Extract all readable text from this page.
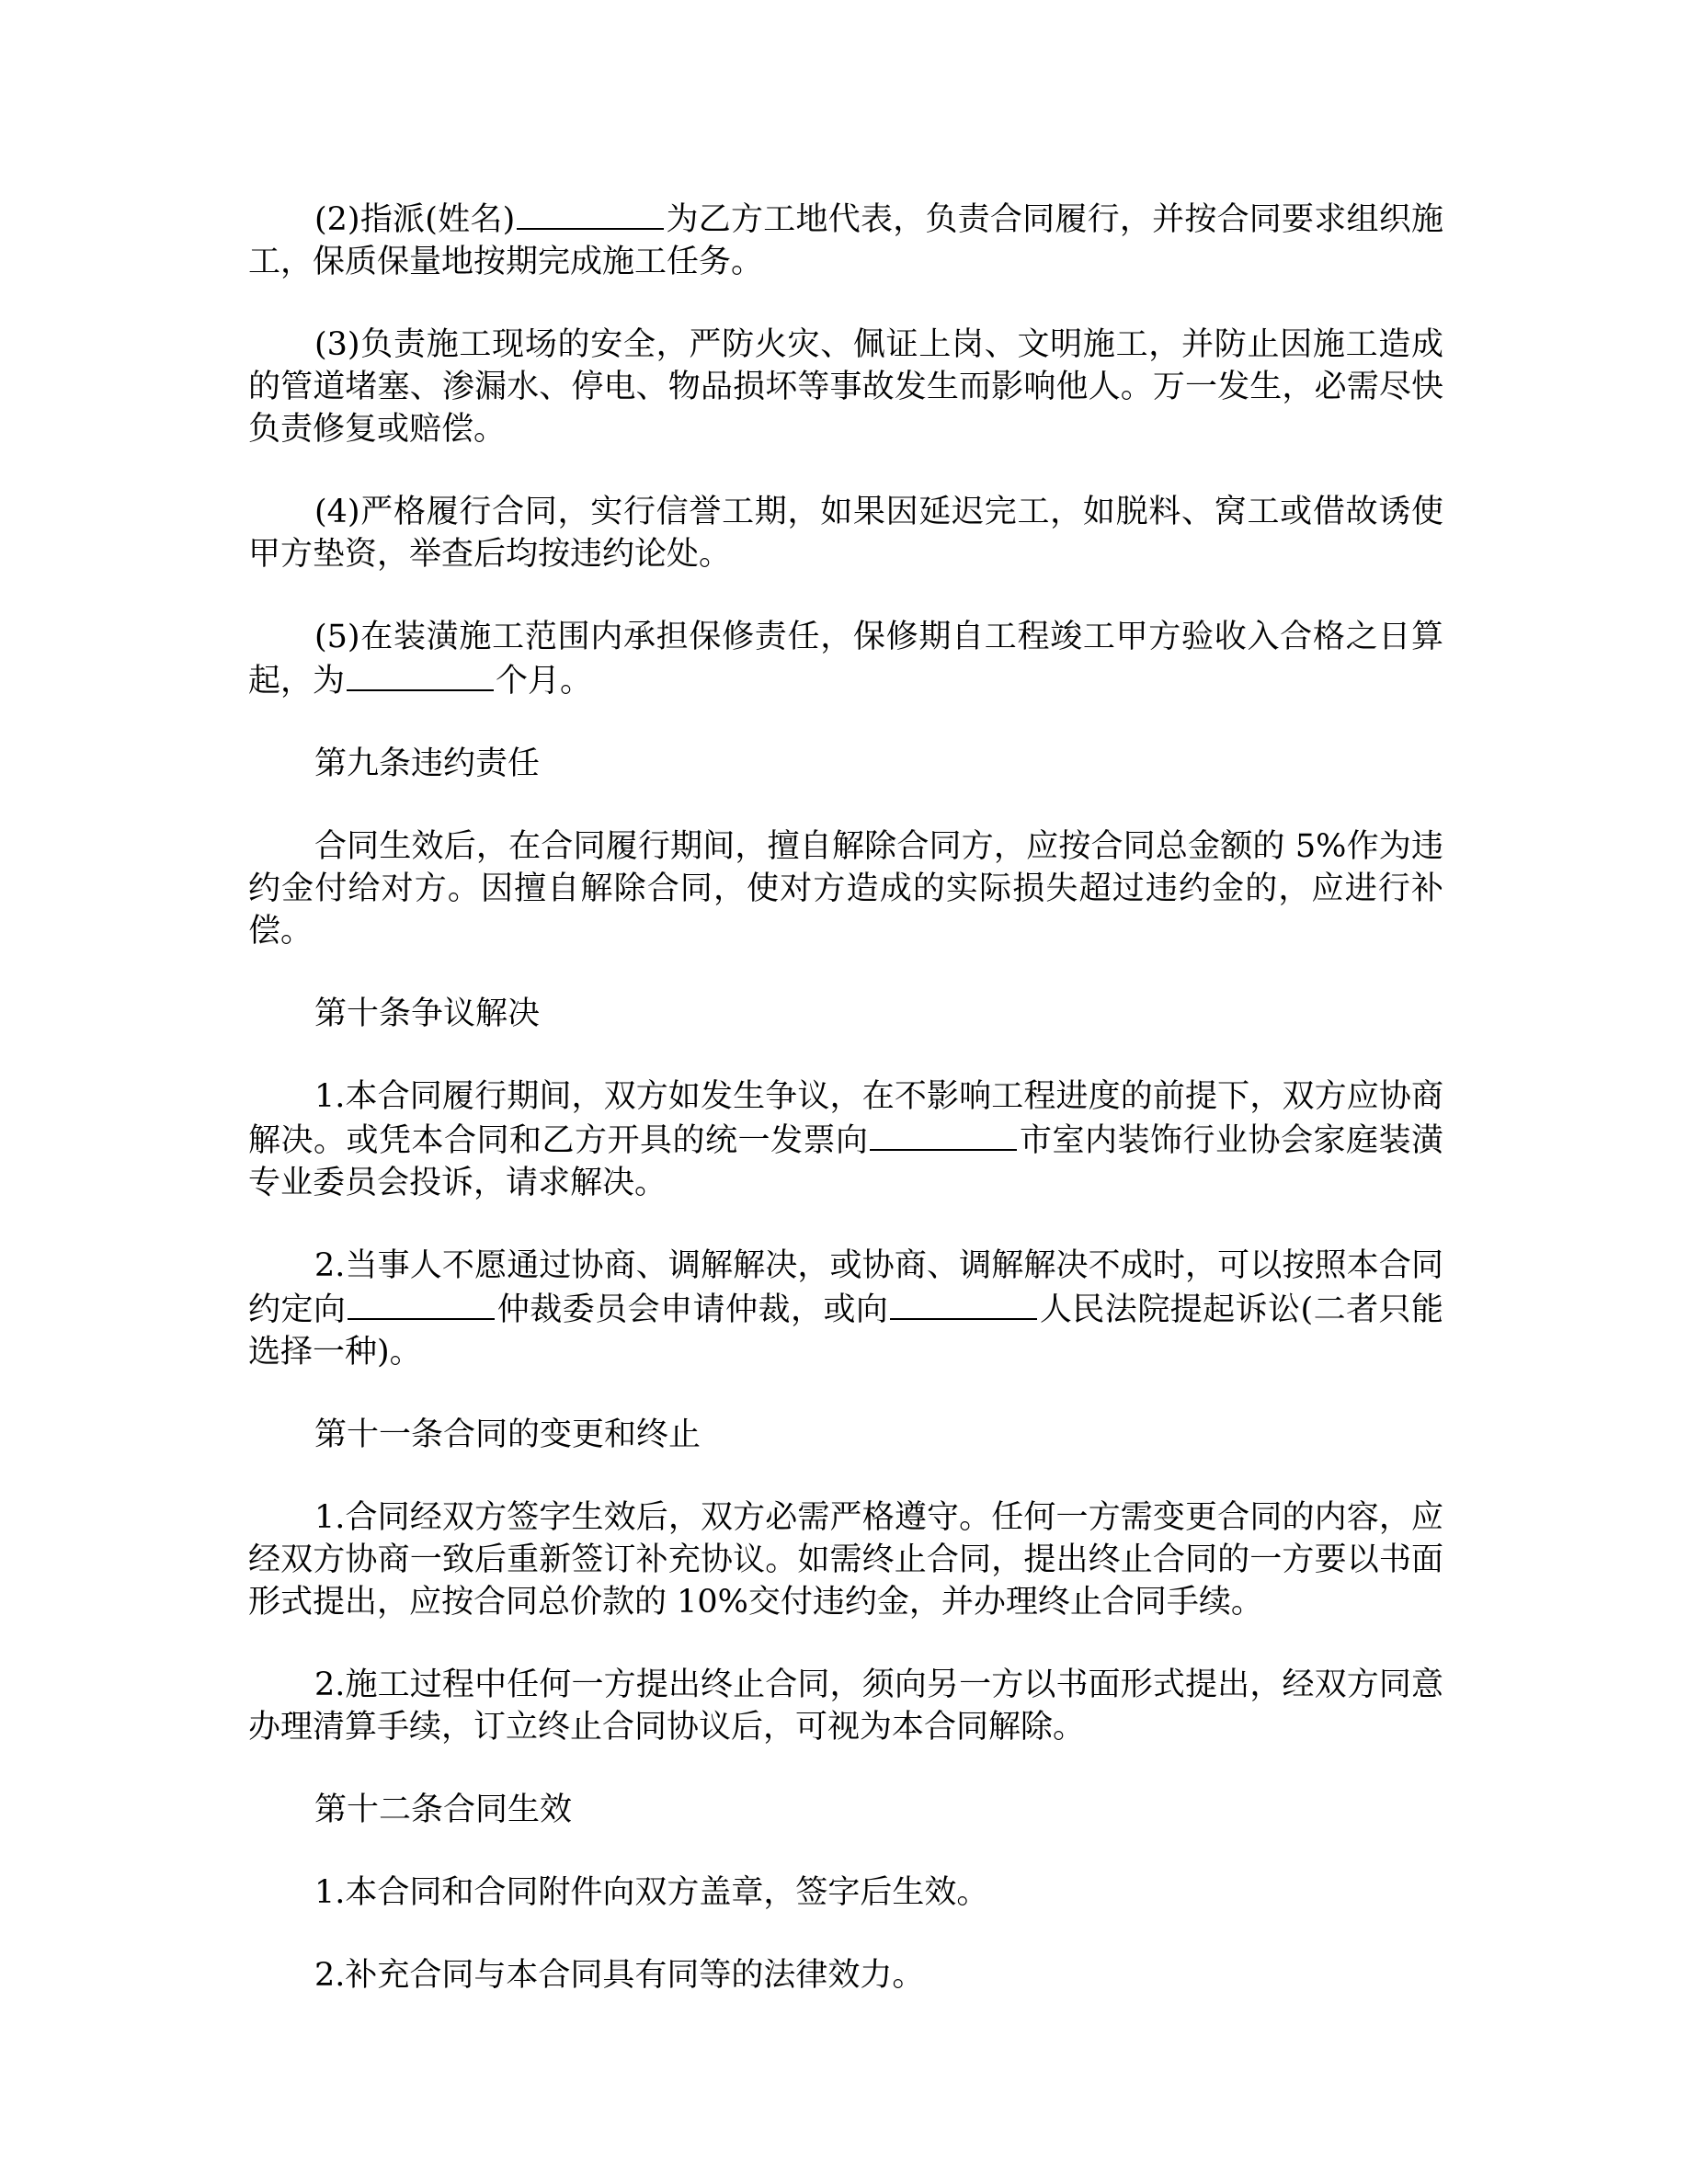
(2)指派(姓名)	为乙方工地代表，负责合同履行，并按合同要求组织施工，保质保量地按期完成施工任务。

(3)负责施工现场的安全，严防火灾、佩证上岗、文明施工，并防止因施工造成的管道堵塞、渗漏水、停电、物品损坏等事故发生而影响他人。万一发生，必需尽快负责修复或赔偿。

(4)严格履行合同，实行信誉工期，如果因延迟完工，如脱料、窝工或借故诱使甲方垫资，举查后均按违约论处。

(5)在装潢施工范围内承担保修责任，保修期自工程竣工甲方验收入合格之日算起，为	个月。

第九条违约责任

合同生效后，在合同履行期间，擅自解除合同方，应按合同总金额的 5%作为违约金付给对方。因擅自解除合同，使对方造成的实际损失超过违约金的，应进行补偿。

第十条争议解决

1.本合同履行期间，双方如发生争议，在不影响工程进度的前提下，双方应协商解决。或凭本合同和乙方开具的统一发票向	市室内装饰行业协会家庭装潢专业委员会投诉，请求解决。

2.当事人不愿通过协商、调解解决，或协商、调解解决不成时，可以按照本合同约定向	仲裁委员会申请仲裁，或向	人民法院提起诉讼(二者只能选择一种)。

第十一条合同的变更和终止

1.合同经双方签字生效后，双方必需严格遵守。任何一方需变更合同的内容，应经双方协商一致后重新签订补充协议。如需终止合同，提出终止合同的一方要以书面形式提出，应按合同总价款的 10%交付违约金，并办理终止合同手续。

2.施工过程中任何一方提出终止合同，须向另一方以书面形式提出，经双方同意办理清算手续，订立终止合同协议后，可视为本合同解除。

第十二条合同生效

1.本合同和合同附件向双方盖章，签字后生效。

2.补充合同与本合同具有同等的法律效力。
